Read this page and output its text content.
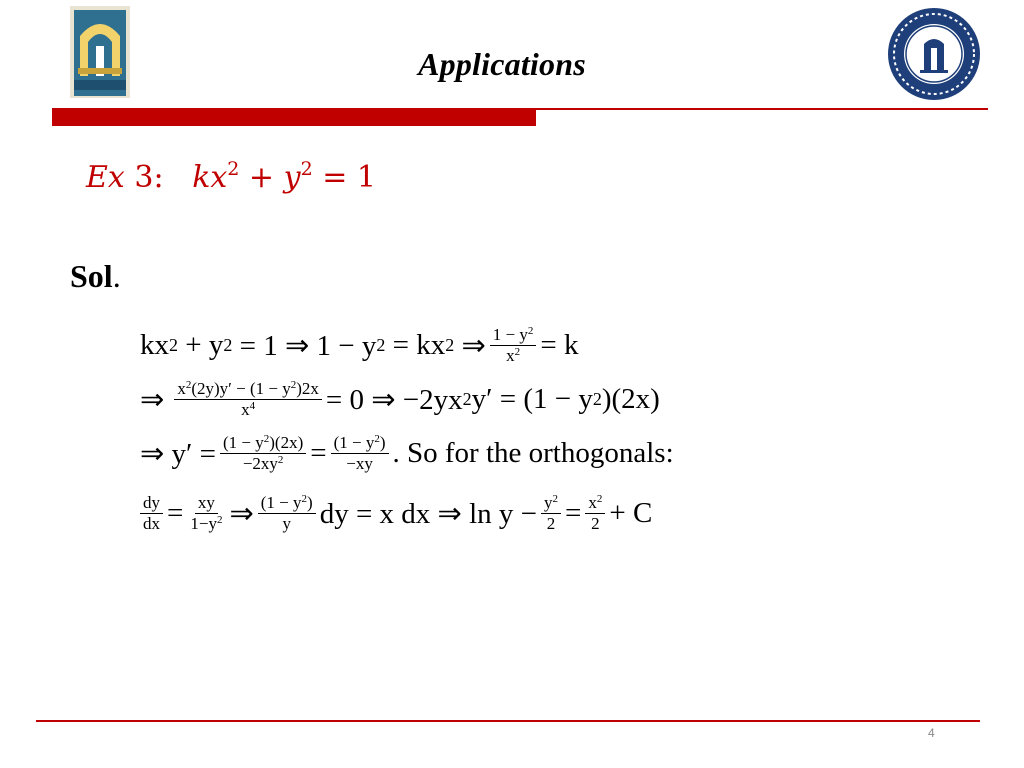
Applications
Ex 3: $kx^2 + y^2 = 1$
Sol.
kx 2 + y 2 = 1 ⇒ 1 − y 2 = kx 2 ⇒ $\frac{1 - y^2}{x^2} = k$
⇒ $\frac{x^2(2y)y' - (1 - y^2)2x}{x^4} = 0$ ⇒ −2yx 2 y′ = (1 − y 2 )(2x)
⇒ $y' = \frac{(1 - y^2)(2x)}{-2xy^2} = \frac{(1 - y^2)}{-xy}$ . So for the orthogonals:
$\frac{dy}{dx} = \frac{xy}{1-y^2}$ ⇒ $\frac{(1 - y^2)}{y}$ dy = x dx ⇒ $\ln y - \frac{y^2}{2} = \frac{x^2}{2} + C$
4
